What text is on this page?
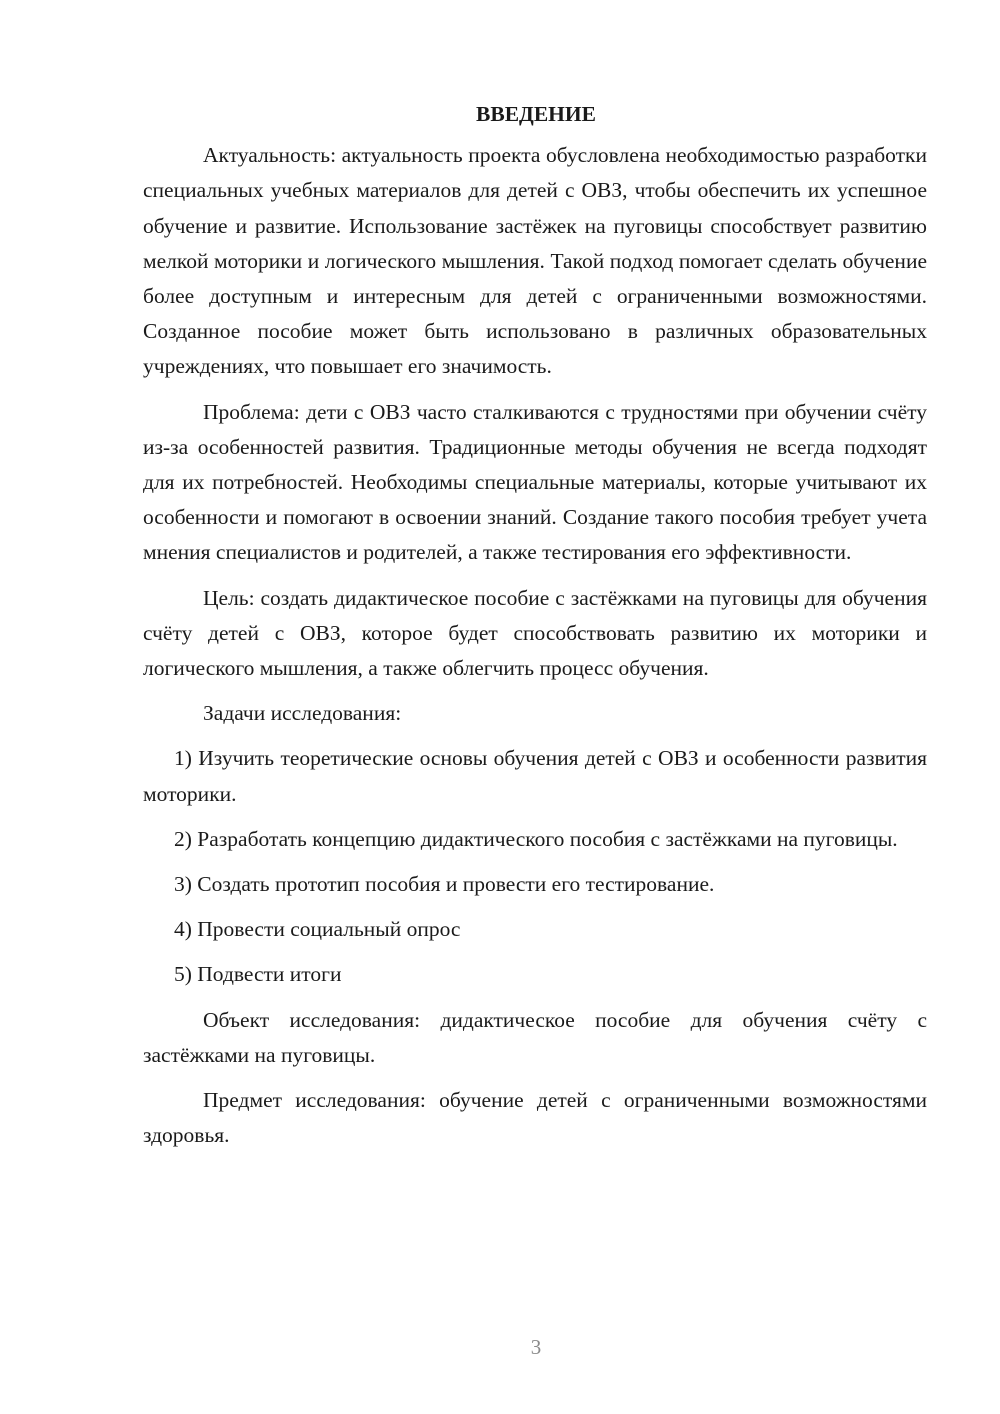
ВВЕДЕНИЕ

Актуальность: актуальность проекта обусловлена необходимостью разработки специальных учебных материалов для детей с ОВЗ, чтобы обеспечить их успешное обучение и развитие. Использование застёжек на пуговицы способствует развитию мелкой моторики и логического мышления. Такой подход помогает сделать обучение более доступным и интересным для детей с ограниченными возможностями. Созданное пособие может быть использовано в различных образовательных учреждениях, что повышает его значимость.

Проблема: дети с ОВЗ часто сталкиваются с трудностями при обучении счёту из-за особенностей развития. Традиционные методы обучения не всегда подходят для их потребностей. Необходимы специальные материалы, которые учитывают их особенности и помогают в освоении знаний. Создание такого пособия требует учета мнения специалистов и родителей, а также тестирования его эффективности.

Цель: создать дидактическое пособие с застёжками на пуговицы для обучения счёту детей с ОВЗ, которое будет способствовать развитию их моторики и логического мышления, а также облегчить процесс обучения.

Задачи исследования:

1) Изучить теоретические основы обучения детей с ОВЗ и особенности развития моторики.

2) Разработать концепцию дидактического пособия с застёжками на пуговицы.

3) Создать прототип пособия и провести его тестирование.

4) Провести социальный опрос

5) Подвести итоги

Объект исследования: дидактическое пособие для обучения счёту с застёжками на пуговицы.

Предмет исследования: обучение детей с ограниченными возможностями здоровья.

3
